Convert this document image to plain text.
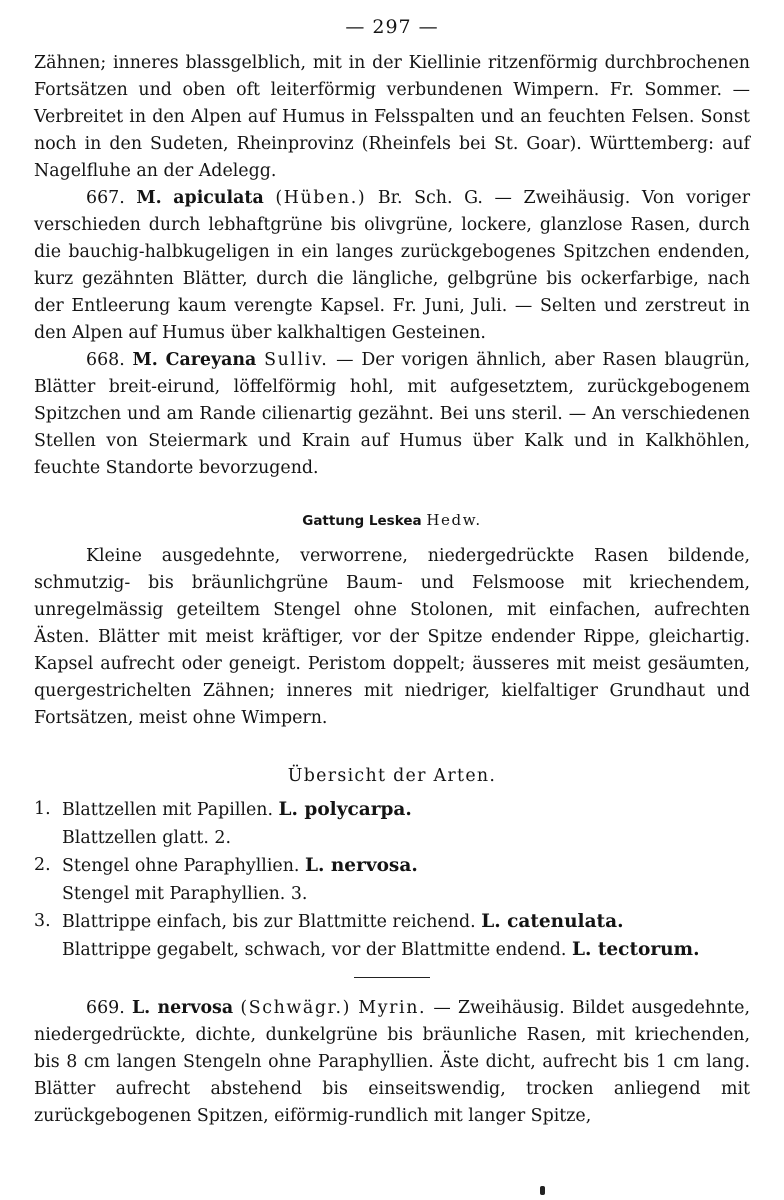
— 297 —

Zähnen; inneres blassgelblich, mit in der Kiellinie ritzenförmig durchbrochenen Fortsätzen und oben oft leiterförmig verbundenen Wimpern. Fr. Sommer. — Verbreitet in den Alpen auf Humus in Felsspalten und an feuchten Felsen. Sonst noch in den Sudeten, Rheinprovinz (Rheinfels bei St. Goar). Württemberg: auf Nagelfluhe an der Adelegg.

667. M. apiculata (Hüben.) Br. Sch. G. — Zweihäusig. Von voriger verschieden durch lebhaftgrüne bis olivgrüne, lockere, glanzlose Rasen, durch die bauchig-halbkugeligen in ein langes zurückgebogenes Spitzchen endenden, kurz gezähnten Blätter, durch die längliche, gelbgrüne bis ockerfarbige, nach der Entleerung kaum verengte Kapsel. Fr. Juni, Juli. — Selten und zerstreut in den Alpen auf Humus über kalkhaltigen Gesteinen.

668. M. Careyana Sulliv. — Der vorigen ähnlich, aber Rasen blaugrün, Blätter breit-eirund, löffelförmig hohl, mit aufgesetztem, zurückgebogenem Spitzchen und am Rande cilienartig gezähnt. Bei uns steril. — An verschiedenen Stellen von Steiermark und Krain auf Humus über Kalk und in Kalkhöhlen, feuchte Standorte bevorzugend.

Gattung Leskea Hedw.

Kleine ausgedehnte, verworrene, niedergedrückte Rasen bildende, schmutzig- bis bräunlichgrüne Baum- und Felsmoose mit kriechendem, unregelmässig geteiltem Stengel ohne Stolonen, mit einfachen, aufrechten Ästen. Blätter mit meist kräftiger, vor der Spitze endender Rippe, gleichartig. Kapsel aufrecht oder geneigt. Peristom doppelt; äusseres mit meist gesäumten, quergestrichelten Zähnen; inneres mit niedriger, kielfaltiger Grundhaut und Fortsätzen, meist ohne Wimpern.

Übersicht der Arten.
1. Blattzellen mit Papillen. L. polycarpa.
Blattzellen glatt. 2.
2. Stengel ohne Paraphyllien. L. nervosa.
Stengel mit Paraphyllien. 3.
3. Blattrippe einfach, bis zur Blattmitte reichend. L. catenulata.
Blattrippe gegabelt, schwach, vor der Blattmitte endend. L. tectorum.

669. L. nervosa (Schwägr.) Myrin. — Zweihäusig. Bildet ausgedehnte, niedergedrückte, dichte, dunkelgrüne bis bräunliche Rasen, mit kriechenden, bis 8 cm langen Stengeln ohne Paraphyllien. Äste dicht, aufrecht bis 1 cm lang. Blätter aufrecht abstehend bis einseitswendig, trocken anliegend mit zurückgebogenen Spitzen, eiförmig-rundlich mit langer Spitze,
